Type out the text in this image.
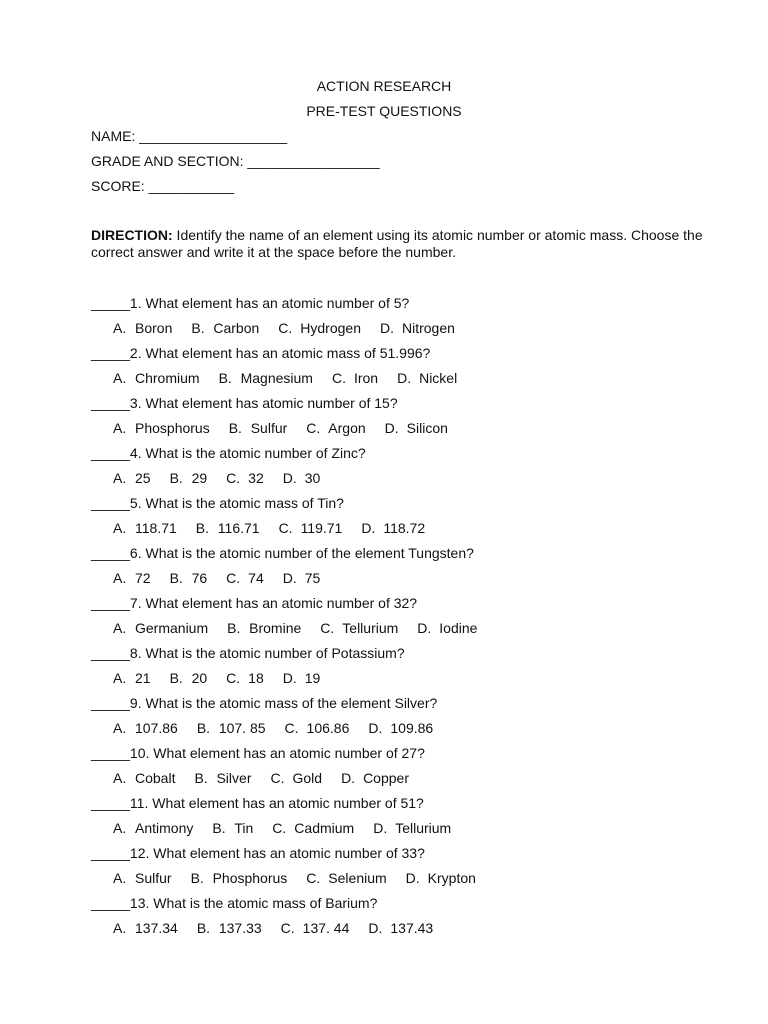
ACTION RESEARCH
PRE-TEST QUESTIONS
NAME: ___________________
GRADE AND SECTION: _________________
SCORE: ___________
DIRECTION: Identify the name of an element using its atomic number or atomic mass. Choose the correct answer and write it at the space before the number.
_____1. What element has an atomic number of 5?
A. Boron B. Carbon C. Hydrogen D. Nitrogen
_____2. What element has an atomic mass of 51.996?
A. Chromium B. Magnesium C. Iron D. Nickel
_____3. What element has atomic number of 15?
A. Phosphorus B. Sulfur C. Argon D. Silicon
_____4. What is the atomic number of Zinc?
A. 25 B. 29 C. 32 D. 30
_____5. What is the atomic mass of Tin?
A. 118.71 B. 116.71 C. 119.71 D. 118.72
_____6. What is the atomic number of the element Tungsten?
A. 72 B. 76 C. 74 D. 75
_____7. What element has an atomic number of 32?
A. Germanium B. Bromine C. Tellurium D. Iodine
_____8. What is the atomic number of Potassium?
A. 21 B. 20 C. 18 D. 19
_____9. What is the atomic mass of the element Silver?
A. 107.86 B. 107. 85 C. 106.86 D. 109.86
_____10. What element has an atomic number of 27?
A. Cobalt B. Silver C. Gold D. Copper
_____11. What element has an atomic number of 51?
A. Antimony B. Tin C. Cadmium D. Tellurium
_____12. What element has an atomic number of 33?
A. Sulfur B. Phosphorus C. Selenium D. Krypton
_____13. What is the atomic mass of Barium?
A. 137.34 B. 137.33 C. 137. 44 D. 137.43
